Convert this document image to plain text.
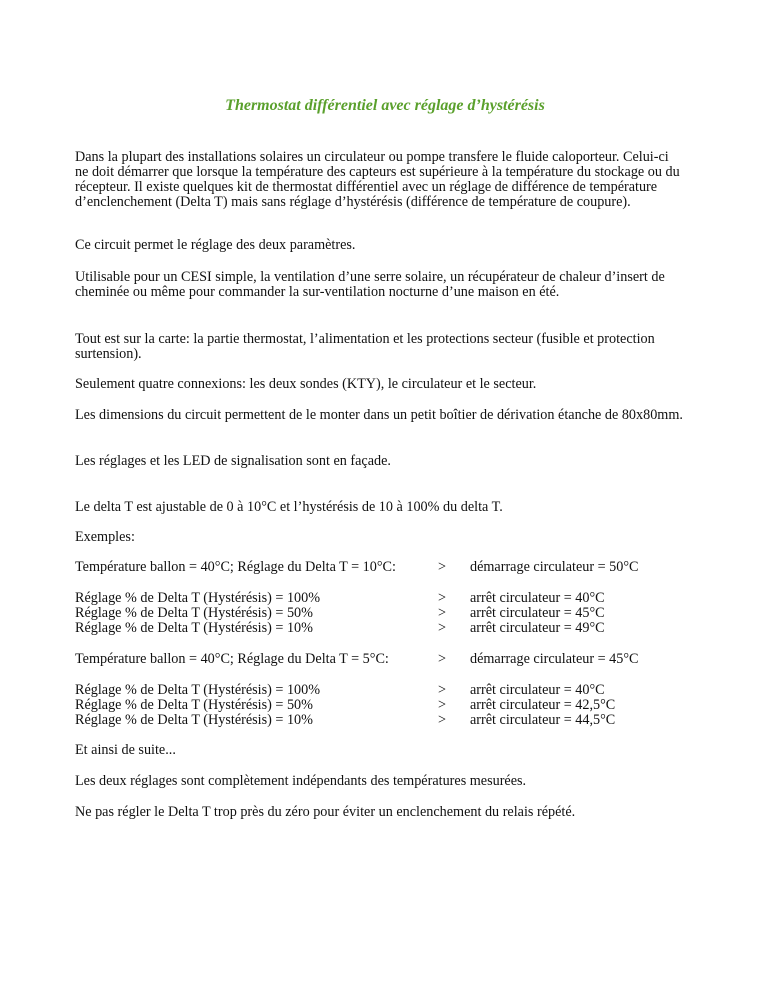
Thermostat différentiel avec réglage d’hystérésis

Dans la plupart des installations solaires un circulateur ou pompe transfere le fluide caloporteur. Celui-ci ne doit démarrer que lorsque la température des capteurs est supérieure à la température du stockage ou du récepteur. Il existe quelques kit de thermostat différentiel avec un réglage de différence de température d’enclenchement (Delta T) mais sans réglage d’hystérésis (différence de température de coupure).

Ce circuit permet le réglage des deux paramètres.

Utilisable pour un CESI simple, la ventilation d’une serre solaire, un récupérateur de chaleur d’insert de cheminée ou même pour commander la sur-ventilation nocturne d’une maison en été.

Tout est sur la carte: la partie thermostat, l’alimentation et les protections secteur (fusible et protection surtension).

Seulement quatre connexions: les deux sondes (KTY), le circulateur et le secteur.

Les dimensions du circuit permettent de le monter dans un petit boîtier de dérivation étanche de 80x80mm.

Les réglages et les LED de signalisation sont en façade.

Le delta T est ajustable de 0 à 10°C et l’hystérésis de 10 à 100% du delta T.

Exemples:

Température ballon = 40°C; Réglage du Delta T = 10°C:	> démarrage circulateur = 50°C
Réglage % de Delta T (Hystérésis) = 100%	> arrêt circulateur = 40°C
Réglage % de Delta T (Hystérésis) = 50%	> arrêt circulateur = 45°C
Réglage % de Delta T (Hystérésis) = 10%	> arrêt circulateur = 49°C
Température ballon = 40°C; Réglage du Delta T = 5°C:	> démarrage circulateur = 45°C
Réglage % de Delta T (Hystérésis) = 100%	> arrêt circulateur = 40°C
Réglage % de Delta T (Hystérésis) = 50%	> arrêt circulateur = 42,5°C
Réglage % de Delta T (Hystérésis) = 10%	> arrêt circulateur = 44,5°C

Et ainsi de suite...

Les deux réglages sont complètement indépendants des températures mesurées.

Ne pas régler le Delta T trop près du zéro pour éviter un enclenchement du relais répété.
